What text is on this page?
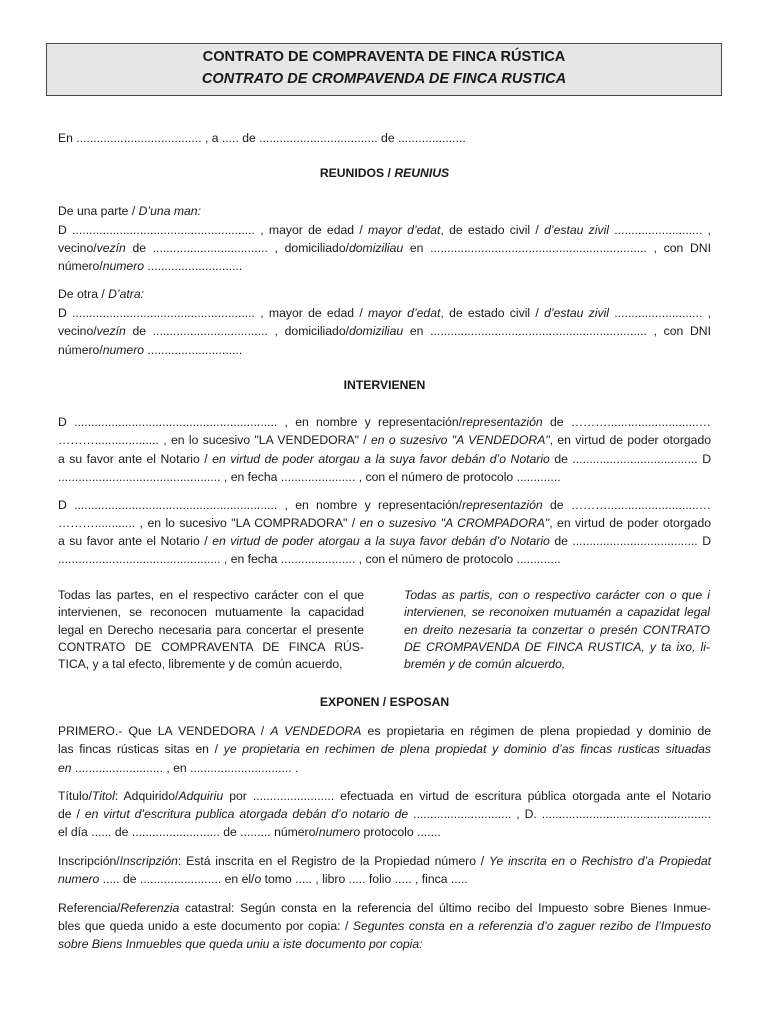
CONTRATO DE COMPRAVENTA DE FINCA RÚSTICA
CONTRATO DE CROMPAVENDA DE FINCA RUSTICA
En ..................................... , a ..... de ................................... de ....................
REUNIDOS / REUNIUS
De una parte / D’una man:
D ...................................................... , mayor de edad / mayor d’edat, de estado civil / d’estau zivil .......................... ,
vecino/vezín de .................................. , domiciliado/domiziliau en ................................................................ , con DNI
número/numero ............................
De otra / D’atra:
D ...................................................... , mayor de edad / mayor d’edat, de estado civil / d’estau zivil .......................... ,
vecino/vezín de .................................. , domiciliado/domiziliau en ................................................................ , con DNI
número/numero ............................
INTERVIENEN
D ............................................................ , en nombre y representación/representazión de ………...........................…
………................... , en lo sucesivo "LA VENDEDORA" / en o suzesivo "A VENDEDORA", en virtud de poder otorgado
a su favor ante el Notario / en virtud de poder atorgau a la suya favor debán d’o Notario de ..................................... D
................................................ , en fecha ...................... , con el número de protocolo .............
D ............................................................ , en nombre y representación/representazión de ………...........................…
………............ , en lo sucesivo "LA COMPRADORA" / en o suzesivo "A CROMPADORA", en virtud de poder otorgado
a su favor ante el Notario / en virtud de poder atorgau a la suya favor debán d’o Notario de ..................................... D
................................................ , en fecha ...................... , con el número de protocolo .............
Todas las partes, en el respectivo carácter con el que
intervienen, se reconocen mutuamente la capacidad
legal en Derecho necesaria para concertar el presente
CONTRATO DE COMPRAVENTA DE FINCA RÚS-
TICA, y a tal efecto, libremente y de común acuerdo,
Todas as partis, con o respectivo carácter con o que i
intervienen, se reconoixen mutuamén a capazidat legal
en dreito nezesaria ta conzertar o presén CONTRATO
DE CROMPAVENDA DE FINCA RUSTICA, y ta ixo, li-
bremén y de común alcuerdo,
EXPONEN / ESPOSAN
PRIMERO.- Que LA VENDEDORA / A VENDEDORA es propietaria en régimen de plena propiedad y dominio de
las fincas rústicas sitas en / ye propietaria en rechimen de plena propiedat y dominio d’as fincas rusticas situadas
en .......................... , en .............................. .
Título/Titol: Adquirido/Adquiriu por ........................ efectuada en virtud de escritura pública otorgada ante el Notario
de / en virtut d’escritura publica atorgada debán d’o notario de ............................. , D. ..................................................
el día ...... de .......................... de ......... número/numero protocolo .......
Inscripción/Inscripzión: Está inscrita en el Registro de la Propiedad número / Ye inscrita en o Rechistro d’a Propiedat
numero ..... de ........................ en el/o tomo ..... , libro ..... folio ..... , finca .....
Referencia/Referenzia catastral: Según consta en la referencia del último recibo del Impuesto sobre Bienes Inmue-
bles que queda unido a este documento por copia: / Seguntes consta en a referenzia d’o zaguer rezibo de l’Impuesto
sobre Biens Inmuebles que queda uniu a iste documento por copia:
